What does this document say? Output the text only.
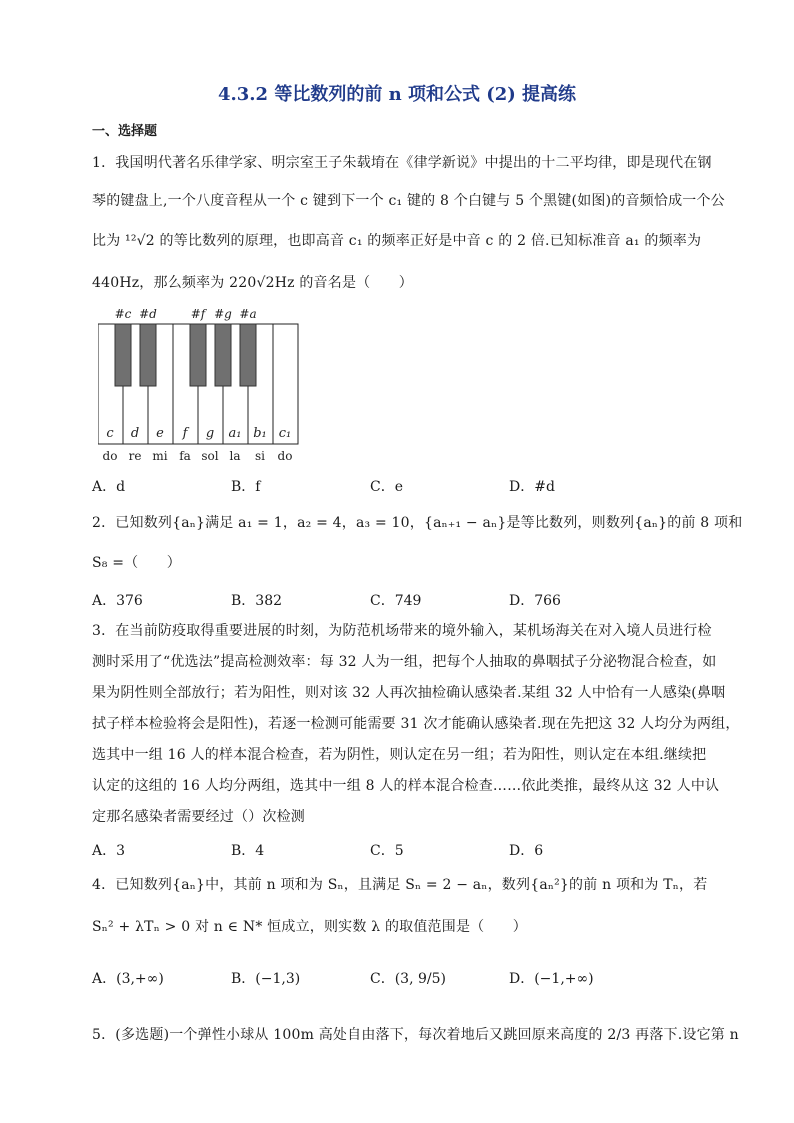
4.3.2 等比数列的前 n 项和公式 (2) 提高练
一、选择题
1．我国明代著名乐律学家、明宗室王子朱载堉在《律学新说》中提出的十二平均律，即是现代在钢
琴的键盘上,一个八度音程从一个 c 键到下一个 c₁ 键的 8 个白键与 5 个黑键(如图)的音频恰成一个公
比为 ¹²√2 的等比数列的原理，也即高音 c₁ 的频率正好是中音 c 的 2 倍.已知标准音 a₁ 的频率为
440Hz，那么频率为 220√2Hz 的音名是（　　）
#c #d	#f #g #a
c d e f g a₁ b₁ c₁
do re mi fa sol la si do
A．d	B．f	C．e	D．#d
2．已知数列{aₙ}满足 a₁ = 1，a₂ = 4，a₃ = 10，{aₙ₊₁ − aₙ}是等比数列，则数列{aₙ}的前 8 项和
S₈ =（　　）
A．376	B．382	C．749	D．766
3．在当前防疫取得重要进展的时刻，为防范机场带来的境外输入，某机场海关在对入境人员进行检
测时采用了“优选法”提高检测效率：每 32 人为一组，把每个人抽取的鼻咽拭子分泌物混合检查，如
果为阴性则全部放行；若为阳性，则对该 32 人再次抽检确认感染者.某组 32 人中恰有一人感染(鼻咽
拭子样本检验将会是阳性)，若逐一检测可能需要 31 次才能确认感染者.现在先把这 32 人均分为两组，
选其中一组 16 人的样本混合检查，若为阴性，则认定在另一组；若为阳性，则认定在本组.继续把
认定的这组的 16 人均分两组，选其中一组 8 人的样本混合检查……依此类推，最终从这 32 人中认
定那名感染者需要经过（）次检测
A．3	B．4	C．5	D．6
4．已知数列{aₙ}中，其前 n 项和为 Sₙ，且满足 Sₙ = 2 − aₙ，数列{aₙ²}的前 n 项和为 Tₙ，若
Sₙ² + λTₙ > 0 对 n ∈ N* 恒成立，则实数 λ 的取值范围是（　　）
A．(3,+∞)	B．(−1,3)	C．(3, 9/5)	D．(−1,+∞)
5．(多选题)一个弹性小球从 100m 高处自由落下，每次着地后又跳回原来高度的 2/3 再落下.设它第 n
